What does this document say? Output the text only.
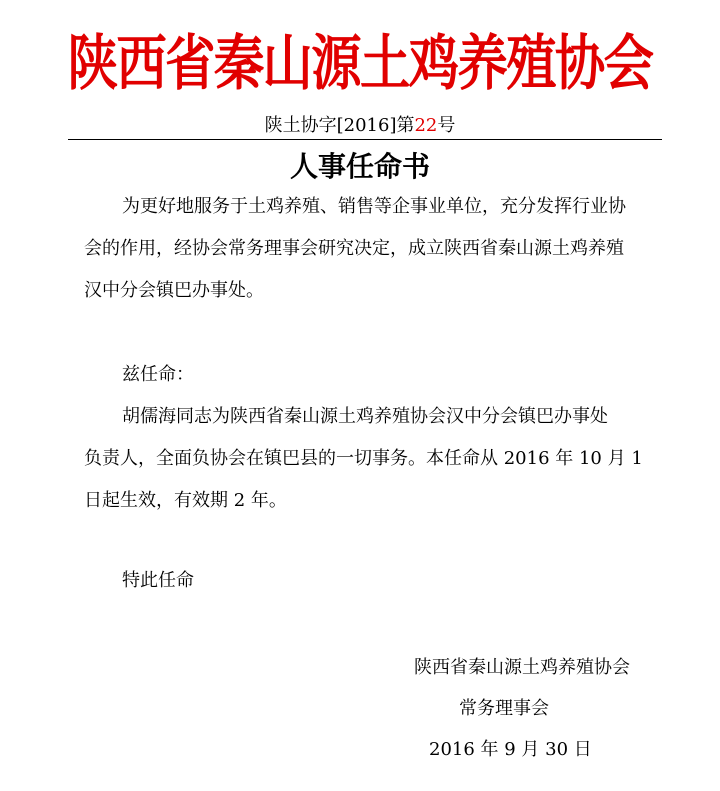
陕西省秦山源土鸡养殖协会
陕土协字[2016]第22号
人事任命书
为更好地服务于土鸡养殖、销售等企事业单位，充分发挥行业协
会的作用，经协会常务理事会研究决定，成立陕西省秦山源土鸡养殖
汉中分会镇巴办事处。
兹任命：
胡儒海同志为陕西省秦山源土鸡养殖协会汉中分会镇巴办事处
负责人，全面负协会在镇巴县的一切事务。本任命从 2016 年 10 月 1
日起生效，有效期 2 年。
特此任命
陕西省秦山源土鸡养殖协会
常务理事会
2016 年 9 月 30 日
